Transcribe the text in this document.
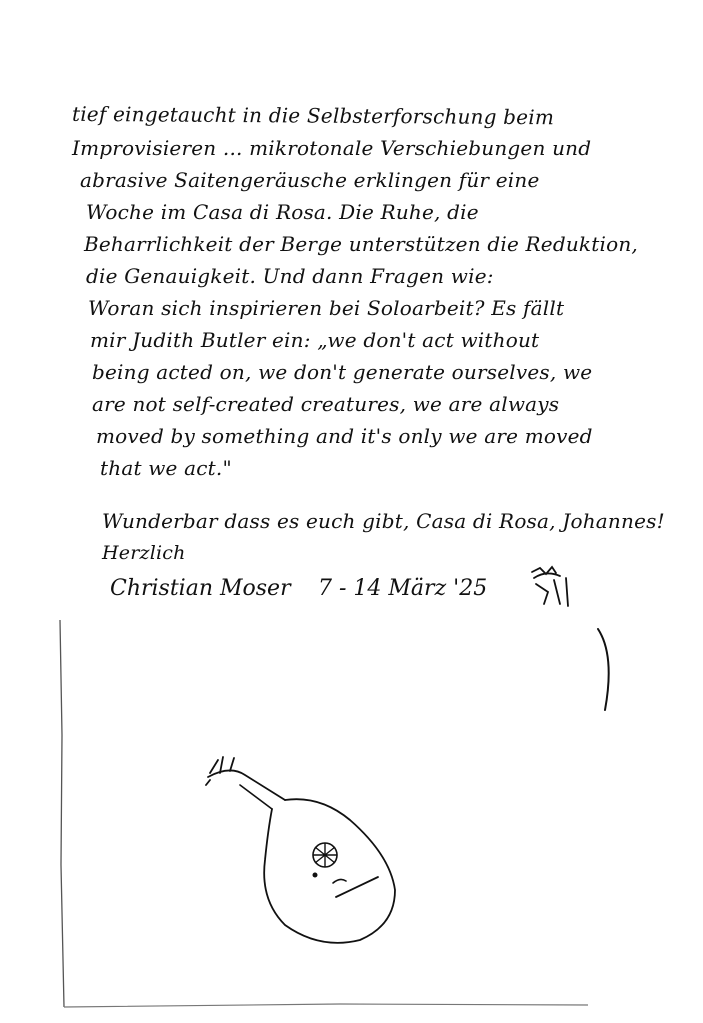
tief eingetaucht in die Selbsterforschung beim
Improvisieren ... mikrotonale Verschiebungen und
abrasive Saitengeräusche erklingen für eine
Woche im Casa di Rosa. Die Ruhe, die
Beharrlichkeit der Berge unterstützen die Reduktion,
die Genauigkeit. Und dann Fragen wie:
Woran sich inspirieren bei Soloarbeit? Es fällt
mir Judith Butler ein: „we don't act without
being acted on, we don't generate ourselves, we
are not self-created creatures, we are always
moved by something and it's only we are moved
that we act."
Wunderbar dass es euch gibt, Casa di Rosa, Johannes!
Herzlich
Christian Moser 7 - 14 März '25
